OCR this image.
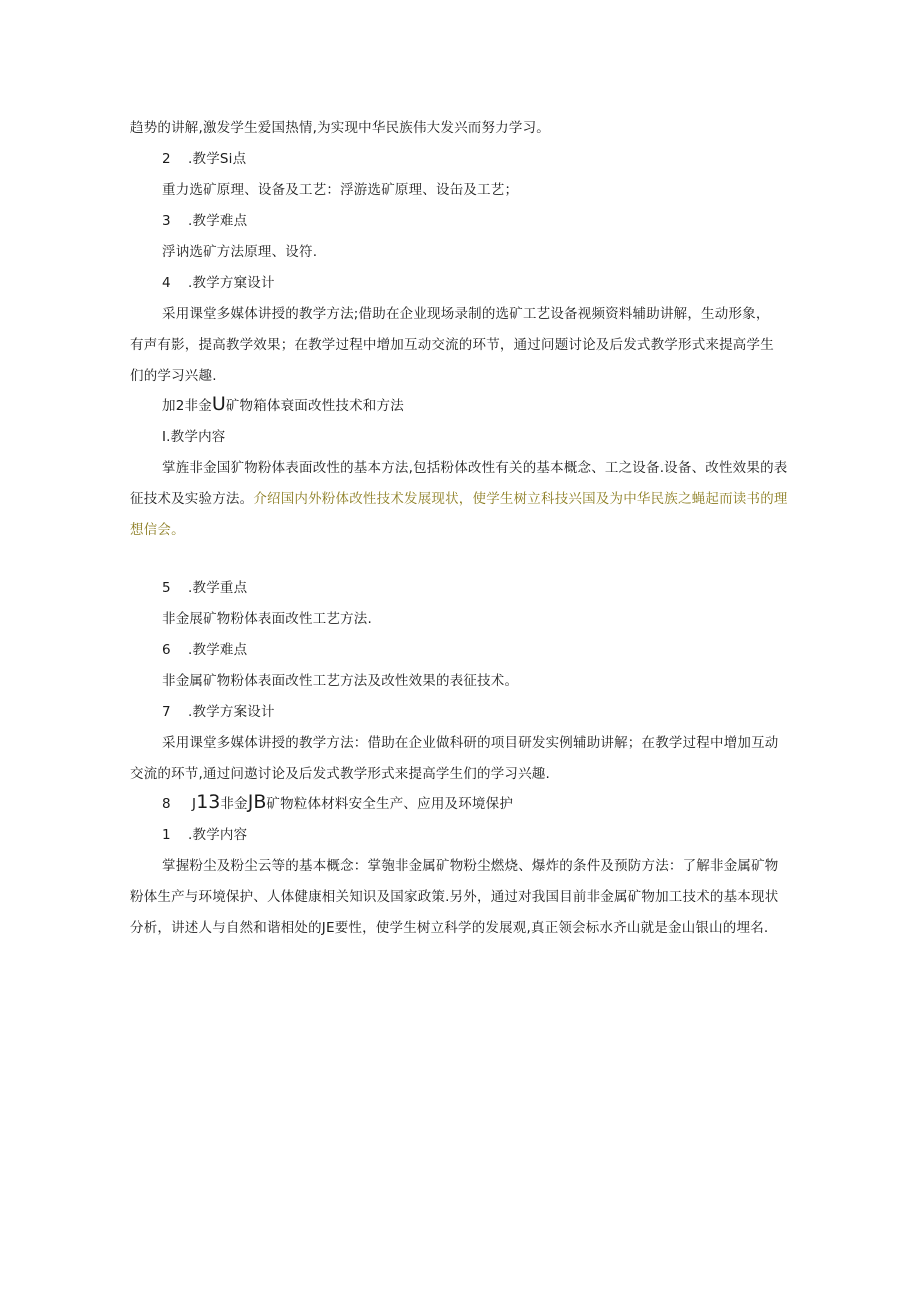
趋势的讲解,激发学生爱国热情,为实现中华民族伟大发兴而努力学习。
2 .教学Si点
重力选矿原理、设备及工艺：浮游选矿原理、设缶及工艺；
3 .教学难点
浮讷选矿方法原理、设符.
4 .教学方窠设计
采用课堂多媒体讲授的教学方法;借助在企业现场录制的选矿工艺设备视频资料辅助讲解，生动形象，
有声有影，提高教学效果；在教学过程中增加互动交流的环节，通过问题讨论及后发式教学形式来提高学生
们的学习兴趣.
加2非金U矿物箱体衰面改性技术和方法
I.教学内容
掌旌非金国犷物粉体表面改性的基本方法,包括粉体改性有关的基本概念、工之设备.设备、改性效果的表
征技术及实验方法。介绍国内外粉体改性技术发展现状，使学生树立科技兴国及为中华民族之蝇起而读书的理
想信会。
5 .教学重点
非金展矿物粉体表面改性工艺方法.
6 .教学难点
非金属矿物粉体表面改性工艺方法及改性效果的表征技术。
7 .教学方案设计
采用课堂多媒体讲授的教学方法：借助在企业做科研的项目研发实例辅助讲解；在教学过程中增加互动
交流的环节,通过问遨讨论及后发式教学形式来提高学生们的学习兴趣.
8 J13非金JB矿物粒体材料安全生产、应用及环境保护
1 .教学内容
掌握粉尘及粉尘云等的基本概念：掌匏非金属矿物粉尘燃烧、爆炸的条件及预防方法：了解非金属矿物
粉体生产与环境保护、人体健康相关知识及国家政策.另外，通过对我国目前非金属矿物加工技术的基本现状
分析，讲述人与自然和谐相处的JE要性，使学生树立科学的发展观,真正领会标水齐山就是金山银山的埋名.
